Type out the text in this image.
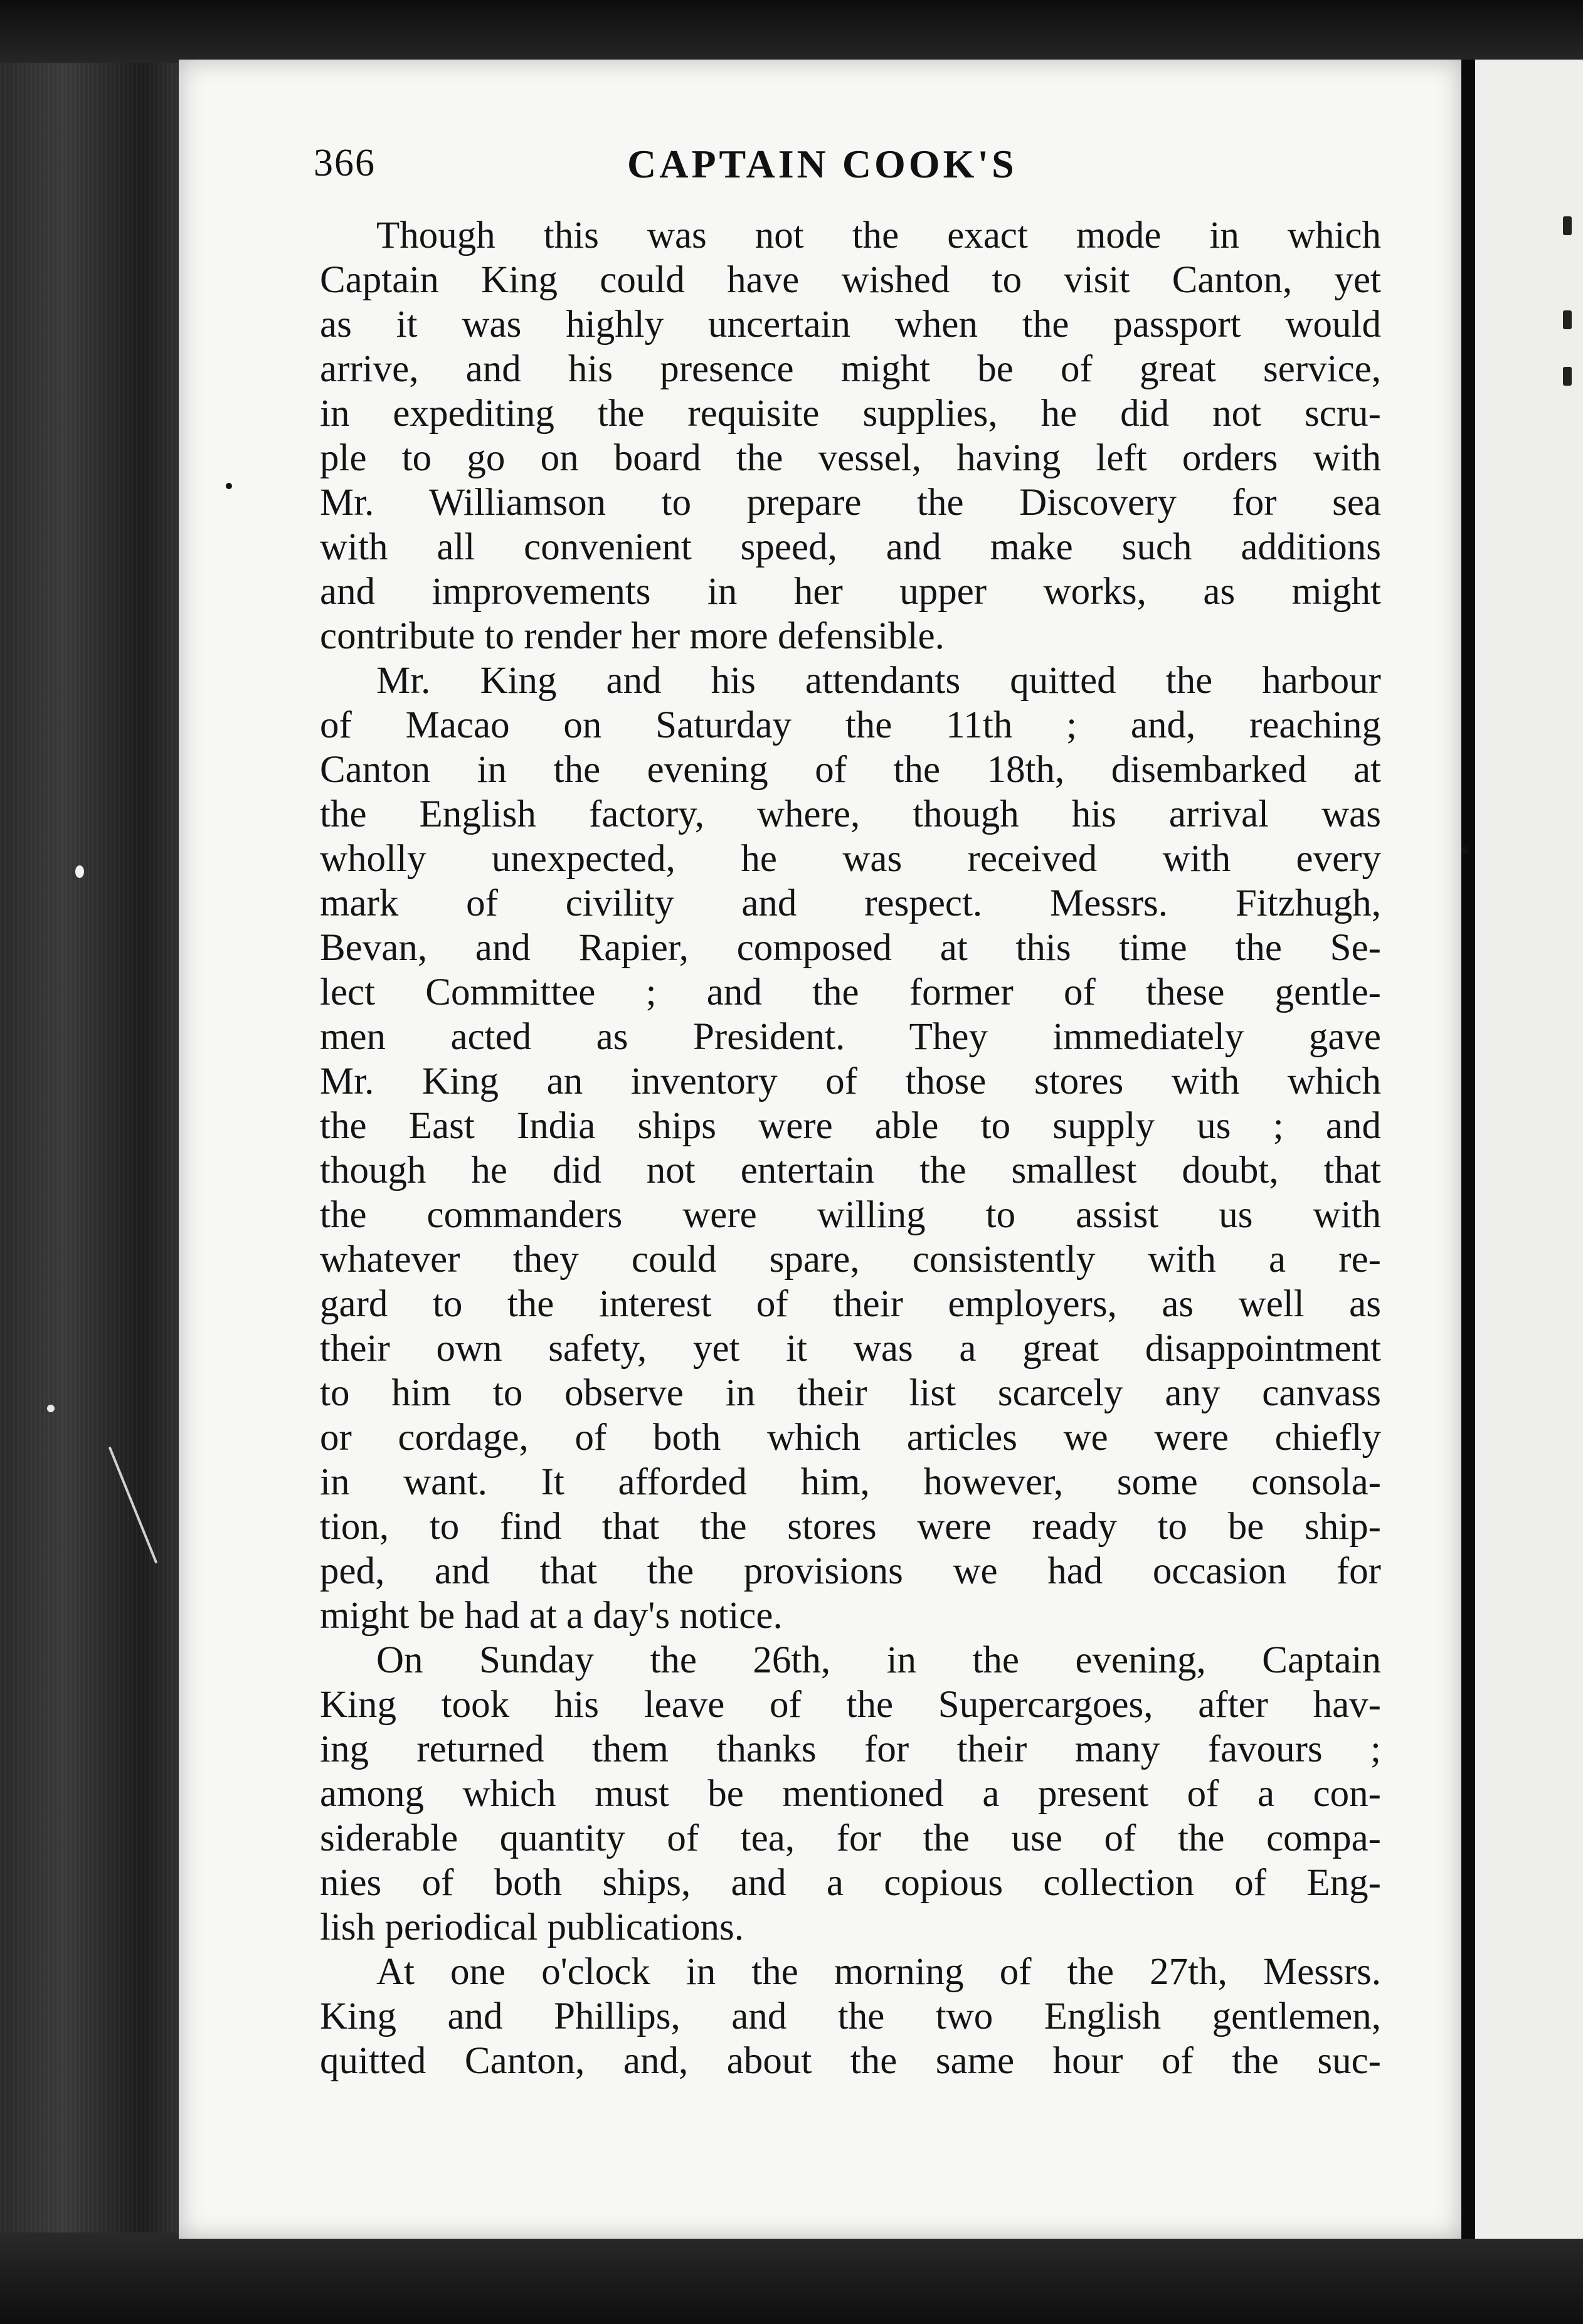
366	CAPTAIN COOK'S
Though this was not the exact mode in which
Captain King could have wished to visit Canton, yet
as it was highly uncertain when the passport would
arrive, and his presence might be of great service,
in expediting the requisite supplies, he did not scru-
ple to go on board the vessel, having left orders with
Mr. Williamson to prepare the Discovery for sea
with all convenient speed, and make such additions
and improvements in her upper works, as might
contribute to render her more defensible.
Mr. King and his attendants quitted the harbour
of Macao on Saturday the 11th ; and, reaching
Canton in the evening of the 18th, disembarked at
the English factory, where, though his arrival was
wholly unexpected, he was received with every
mark of civility and respect. Messrs. Fitzhugh,
Bevan, and Rapier, composed at this time the Se-
lect Committee ; and the former of these gentle-
men acted as President. They immediately gave
Mr. King an inventory of those stores with which
the East India ships were able to supply us ; and
though he did not entertain the smallest doubt, that
the commanders were willing to assist us with
whatever they could spare, consistently with a re-
gard to the interest of their employers, as well as
their own safety, yet it was a great disappointment
to him to observe in their list scarcely any canvass
or cordage, of both which articles we were chiefly
in want. It afforded him, however, some consola-
tion, to find that the stores were ready to be ship-
ped, and that the provisions we had occasion for
might be had at a day's notice.
On Sunday the 26th, in the evening, Captain
King took his leave of the Supercargoes, after hav-
ing returned them thanks for their many favours ;
among which must be mentioned a present of a con-
siderable quantity of tea, for the use of the compa-
nies of both ships, and a copious collection of Eng-
lish periodical publications.
At one o'clock in the morning of the 27th, Messrs.
King and Phillips, and the two English gentlemen,
quitted Canton, and, about the same hour of the suc-
